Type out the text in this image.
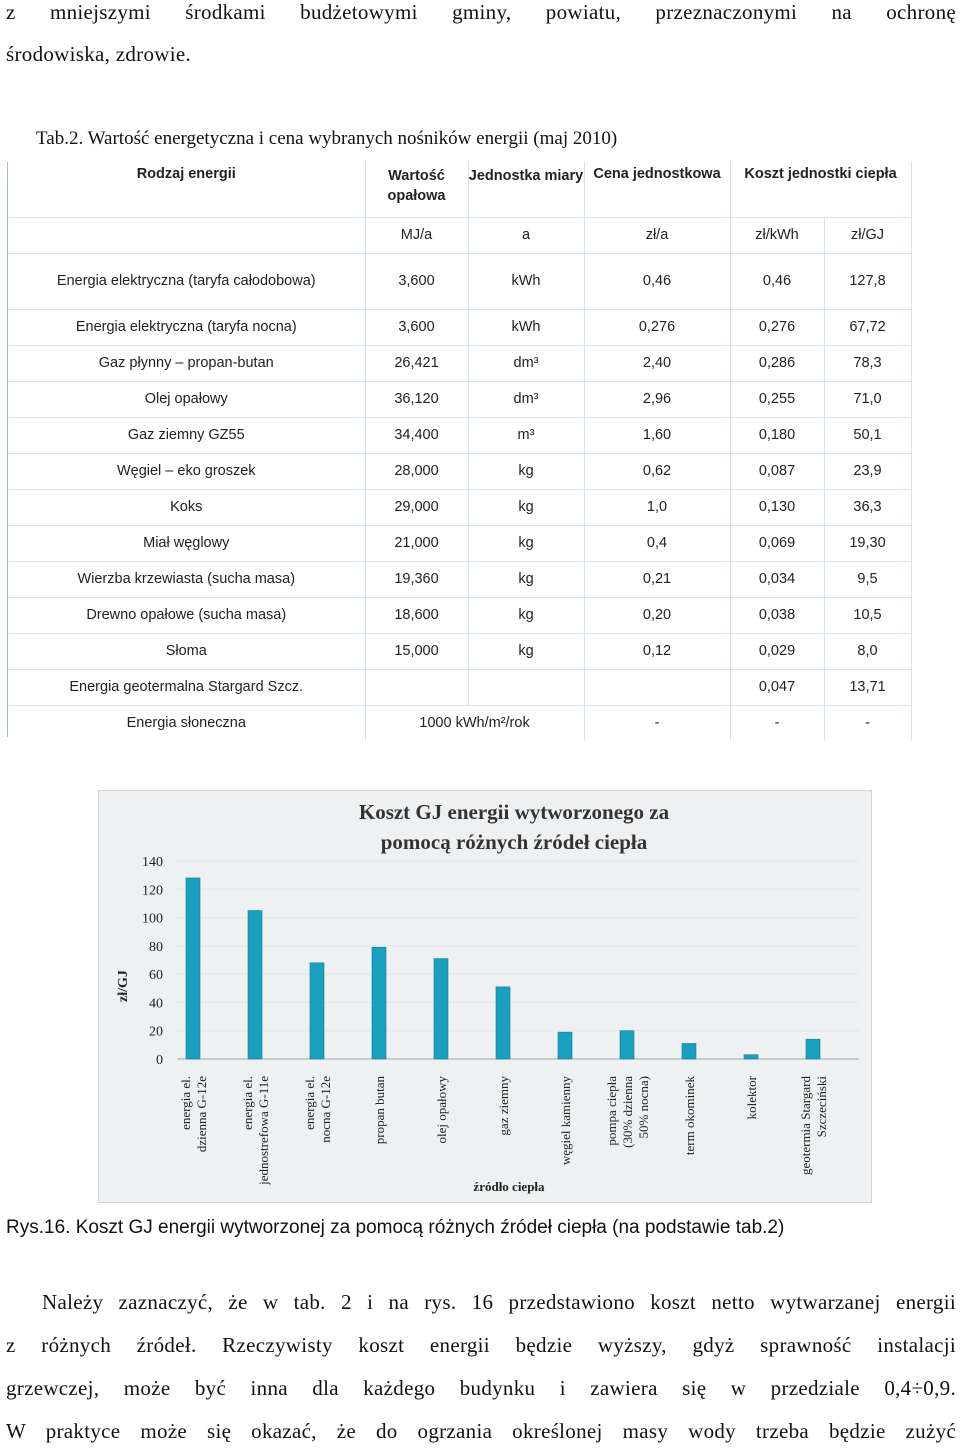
z mniejszymi środkami budżetowymi gminy, powiatu, przeznaczonymi na ochronę
środowiska, zdrowie.
Tab.2. Wartość energetyczna i cena wybranych nośników energii (maj 2010)
Rodzaj energii	Wartość opałowa	Jednostka miary	Cena jednostkowa	Koszt jednostki ciepła	
	MJ/a	a	zł/a	zł/kWh	zł/GJ
Energia elektryczna (taryfa całodobowa)	3,600	kWh	0,46	0,46	127,8
Energia elektryczna (taryfa nocna)	3,600	kWh	0,276	0,276	67,72
Gaz płynny – propan-butan	26,421	dm³	2,40	0,286	78,3
Olej opałowy	36,120	dm³	2,96	0,255	71,0
Gaz ziemny GZ55	34,400	m³	1,60	0,180	50,1
Węgiel – eko groszek	28,000	kg	0,62	0,087	23,9
Koks	29,000	kg	1,0	0,130	36,3
Miał węglowy	21,000	kg	0,4	0,069	19,30
Wierzba krzewiasta (sucha masa)	19,360	kg	0,21	0,034	9,5
Drewno opałowe (sucha masa)	18,600	kg	0,20	0,038	10,5
Słoma	15,000	kg	0,12	0,029	8,0
Energia geotermalna Stargard Szcz.				0,047	13,71
Energia słoneczna	1000 kWh/m²/rok		-	-	-
Koszt GJ energii wytworzonego za
pomocą różnych źródeł ciepła
zł/GJ
źródło ciepła
0
20
40
60
80
100
120
140
energia el. dzienna G-12e energia el. jednostrefowa G-11e energia el. nocna G-12e	propan butan	olej opałowy	gaz ziemny	węgiel kamienny pompa ciepła (30% dzienna 50% nocna) term okominek	kolektor	geotermia Stargard Szczeciński
Rys.16. Koszt GJ energii wytworzonej za pomocą różnych źródeł ciepła (na podstawie tab.2)
Należy zaznaczyć, że w tab. 2 i na rys. 16 przedstawiono koszt netto wytwarzanej energii
z różnych źródeł. Rzeczywisty koszt energii będzie wyższy, gdyż sprawność instalacji
grzewczej, może być inna dla każdego budynku i zawiera się w przedziale 0,4÷0,9.
W praktyce może się okazać, że do ogrzania określonej masy wody trzeba będzie zużyć
